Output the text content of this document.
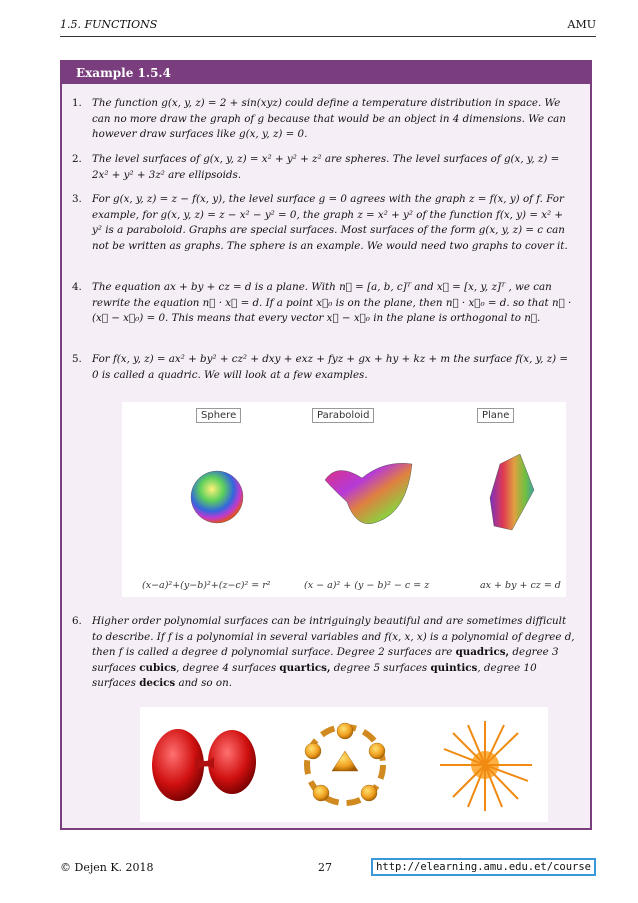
1.5. FUNCTIONS	AMU
Example 1.5.4
1. The function g(x, y, z) = 2 + sin(xyz) could define a temperature distribution in space. We can no more draw the graph of g because that would be an object in 4 dimensions. We can however draw surfaces like g(x, y, z) = 0.
2. The level surfaces of g(x, y, z) = x² + y² + z² are spheres. The level surfaces of g(x, y, z) = 2x² + y² + 3z² are ellipsoids.
3. For g(x, y, z) = z − f(x, y), the level surface g = 0 agrees with the graph z = f(x, y) of f. For example, for g(x, y, z) = z − x² − y² = 0, the graph z = x² + y² of the function f(x, y) = x² + y² is a paraboloid. Graphs are special surfaces. Most surfaces of the form g(x, y, z) = c can not be written as graphs. The sphere is an example. We would need two graphs to cover it.
4. The equation ax + by + cz = d is a plane. With n⃗ = [a, b, c]ᵀ and x⃗ = [x, y, z]ᵀ , we can rewrite the equation n⃗ · x⃗ = d. If a point x⃗₀ is on the plane, then n⃗ · x⃗₀ = d. so that n⃗ · (x⃗ − x⃗₀) = 0. This means that every vector x⃗ − x⃗₀ in the plane is orthogonal to n⃗.
5. For f(x, y, z) = ax² + by² + cz² + dxy + exz + fyz + gx + hy + kz + m the surface f(x, y, z) = 0 is called a quadric. We will look at a few examples.
Sphere	Paraboloid	Plane
(x−a)²+(y−b)²+(z−c)² = r²	(x − a)² + (y − b)² − c = z	ax + by + cz = d
6. Higher order polynomial surfaces can be intriguingly beautiful and are sometimes difficult to describe. If f is a polynomial in several variables and f(x, x, x) is a polynomial of degree d, then f is called a degree d polynomial surface. Degree 2 surfaces are quadrics, degree 3 surfaces cubics, degree 4 surfaces quartics, degree 5 surfaces quintics, degree 10 surfaces decics and so on.
© Dejen K. 2018	27	http://elearning.amu.edu.et/course
